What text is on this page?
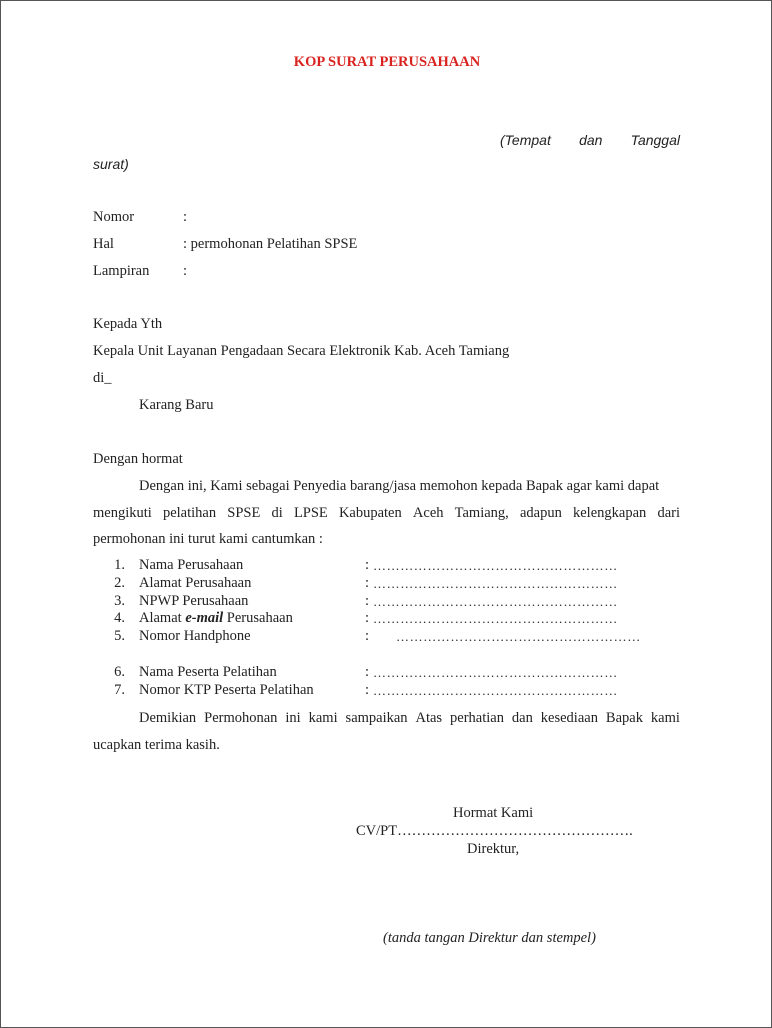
KOP SURAT PERUSAHAAN
(Tempat dan Tanggal
surat)
Nomor	:
Hal	: permohonan Pelatihan SPSE
Lampiran :
Kepada Yth
Kepala Unit Layanan Pengadaan Secara Elektronik Kab. Aceh Tamiang
di_
Karang Baru
Dengan hormat
Dengan ini, Kami sebagai Penyedia barang/jasa memohon kepada Bapak agar kami dapat
mengikuti pelatihan SPSE di LPSE Kabupaten Aceh Tamiang, adapun kelengkapan dari
permohonan ini turut kami cantumkan :
1. Nama Perusahaan	: ………………………………………………
2. Alamat Perusahaan	: ………………………………………………
3. NPWP Perusahaan	: ………………………………………………
4. Alamat e-mail Perusahaan	: ………………………………………………
5. Nomor Handphone	: ………………………………………………
6. Nama Peserta Pelatihan	: ………………………………………………
7. Nomor KTP Peserta Pelatihan	: ………………………………………………
Demikian Permohonan ini kami sampaikan Atas perhatian dan kesediaan Bapak kami
ucapkan terima kasih.
Hormat Kami
CV/PT………………………………………….
Direktur,
(tanda tangan Direktur dan stempel)
